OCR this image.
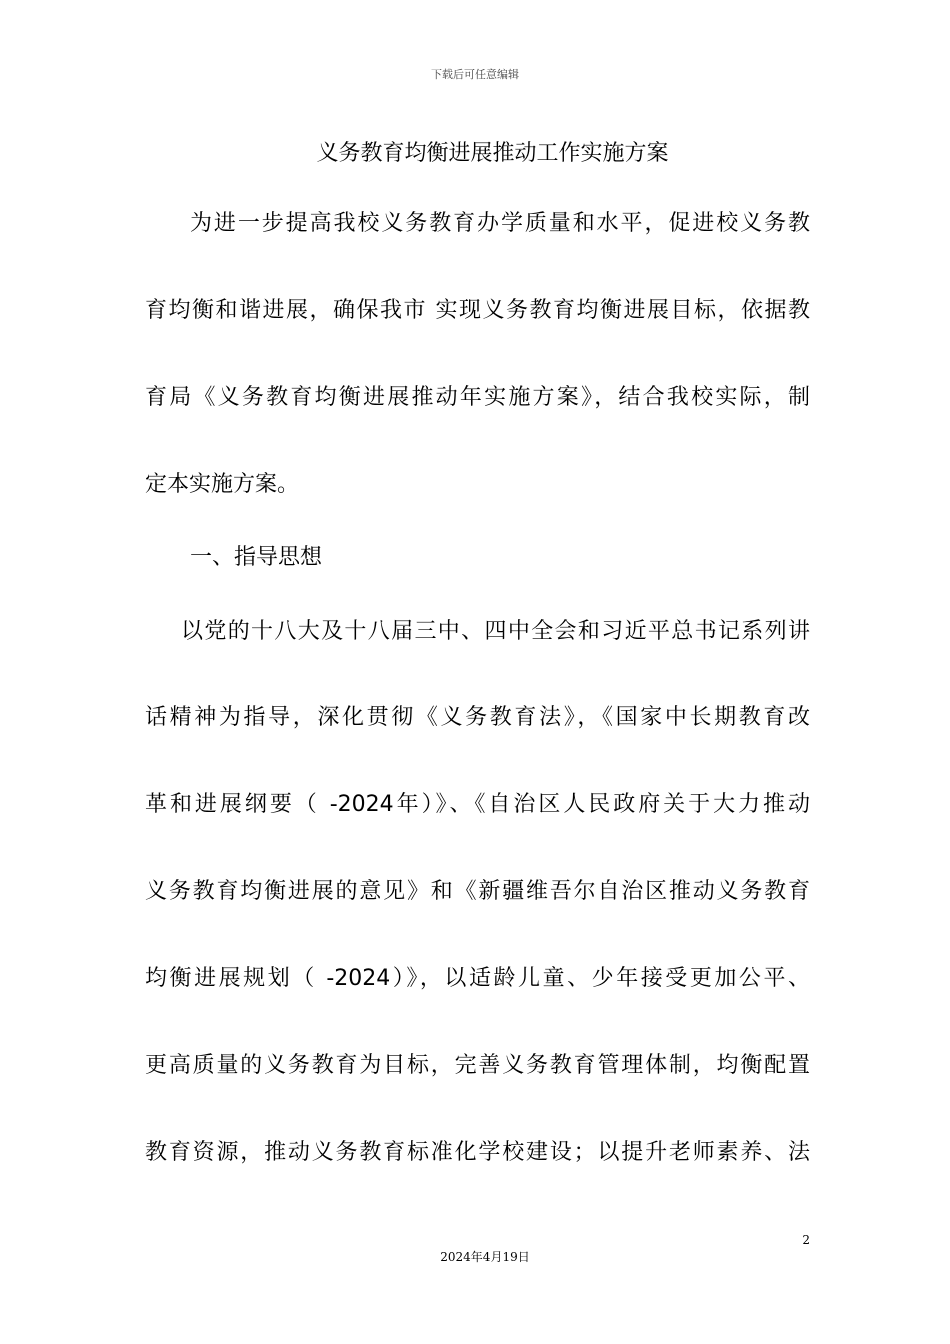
下载后可任意编辑
义务教育均衡进展推动工作实施方案
为进一步提高我校义务教育办学质量和水平，促进校义务教
育均衡和谐进展，确保我市 实现义务教育均衡进展目标，依据教
育局《义务教育均衡进展推动年实施方案》，结合我校实际，制
定本实施方案。
一、指导思想
以党的十八大及十八届三中、四中全会和习近平总书记系列讲
话精神为指导，深化贯彻《义务教育法》，《国家中长期教育改
革和进展纲要（ -2024年）》、《自治区人民政府关于大力推动
义务教育均衡进展的意见》和《新疆维吾尔自治区推动义务教育
均衡进展规划（ -2024）》，以适龄儿童、少年接受更加公平、
更高质量的义务教育为目标，完善义务教育管理体制，均衡配置
教育资源，推动义务教育标准化学校建设；以提升老师素养、法
2
2024年4月19日
